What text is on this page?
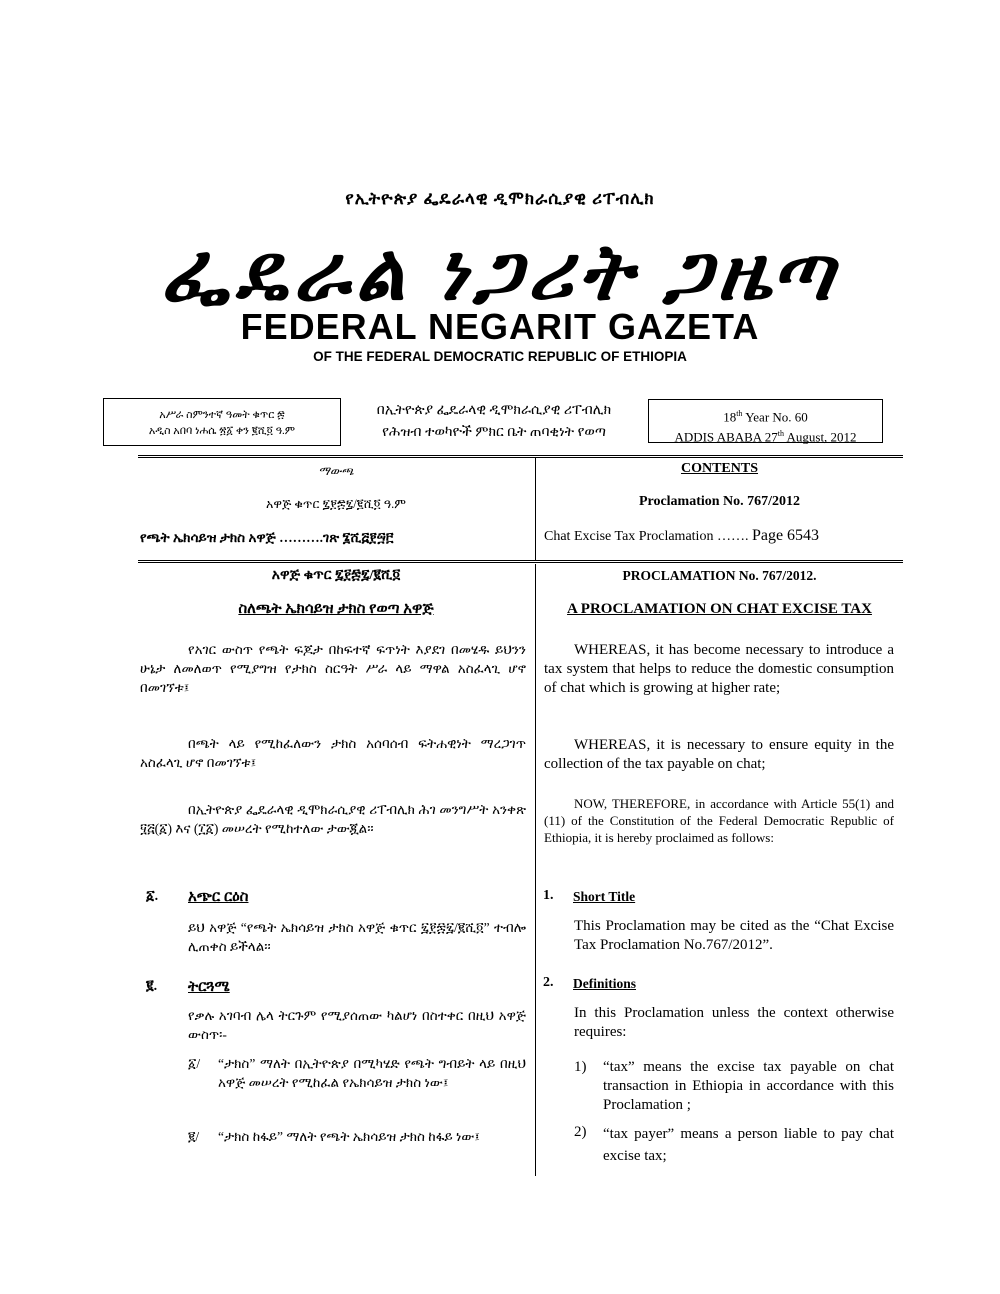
የኢትዮጵያ ፌዴራላዊ ዲሞክራሲያዊ ሪፐብሊክ
ፌዴራል ነጋሪት ጋዜጣ
FEDERAL NEGARIT GAZETA
OF THE FEDERAL DEMOCRATIC REPUBLIC OF ETHIOPIA
አሥራ ስምንተኛ ዓመት ቁጥር ፷
አዲስ አበባ ነሐሴ ፳፩ ቀን ፪ሺ፬ ዓ.ም
በኢትዮጵያ ፌዴራላዊ ዲሞክራሲያዊ ሪፐብሊክ
የሕዝብ ተወካዮች ምክር ቤት ጠባቂነት የወጣ
18th Year No. 60
ADDIS ABABA 27th August, 2012
ማውጫ
አዋጅ ቁጥር ፯፻፷፯/፪ሺ፬ ዓ.ም
የጫት ኤክሳይዝ ታክስ አዋጅ ……….ገጽ ፮ሺ፭፻፵፫
CONTENTS
Proclamation No. 767/2012
Chat Excise Tax Proclamation ……. Page 6543
አዋጅ ቁጥር ፯፻፷፯/፪ሺ፬
ስለጫት ኤክሳይዝ ታክስ የወጣ አዋጅ
የአገር ውስጥ የጫት ፍጆታ በከፍተኛ ፍጥነት እያደገ በመሄዱ ይህንን ሁኔታ ለመለወጥ የሚያግዝ የታክስ ስርዓት ሥራ ላይ ማዋል አስፈላጊ ሆኖ በመገኘቱ፤
በጫት ላይ የሚከፈለውን ታክስ አሰባሰብ ፍትሐዊነት ማረጋገጥ አስፈላጊ ሆኖ በመገኘቱ፤
በኢትዮጵያ ፌዴራላዊ ዲሞክራሲያዊ ሪፐብሊክ ሕገ መንግሥት አንቀጽ ፶፭(፩) እና (፲፩) መሠረት የሚከተለው ታውጇል፡፡
፩. አጭር ርዕስ
ይህ አዋጅ “የጫት ኤክሳይዝ ታክስ አዋጅ ቁጥር ፯፻፷፯/፪ሺ፬” ተብሎ ሊጠቀስ ይችላል፡፡
፪. ትርጓሜ
የቃሉ አገባብ ሌላ ትርጉም የሚያሰጠው ካልሆነ በስተቀር በዚህ አዋጅ ውስጥ፡-
፩/ “ታክስ” ማለት በኢትዮጵያ በሚካሄድ የጫት ግብይት ላይ በዚህ አዋጅ መሠረት የሚከፈል የኤክሳይዝ ታክስ ነው፤
፪/ “ታክስ ከፋይ” ማለት የጫት ኤክሳይዝ ታክስ ከፋይ ነው፤
PROCLAMATION No. 767/2012.
A PROCLAMATION ON CHAT EXCISE TAX
WHEREAS, it has become necessary to introduce a tax system that helps to reduce the domestic consumption of chat which is growing at higher rate;
WHEREAS, it is necessary to ensure equity in the collection of the tax payable on chat;
NOW, THEREFORE, in accordance with Article 55(1) and (11) of the Constitution of the Federal Democratic Republic of Ethiopia, it is hereby proclaimed as follows:
1. Short Title
This Proclamation may be cited as the “Chat Excise Tax Proclamation No.767/2012”.
2. Definitions
In this Proclamation unless the context otherwise requires:
1) “tax” means the excise tax payable on chat transaction in Ethiopia in accordance with this Proclamation ;
2) “tax payer” means a person liable to pay chat excise tax;
